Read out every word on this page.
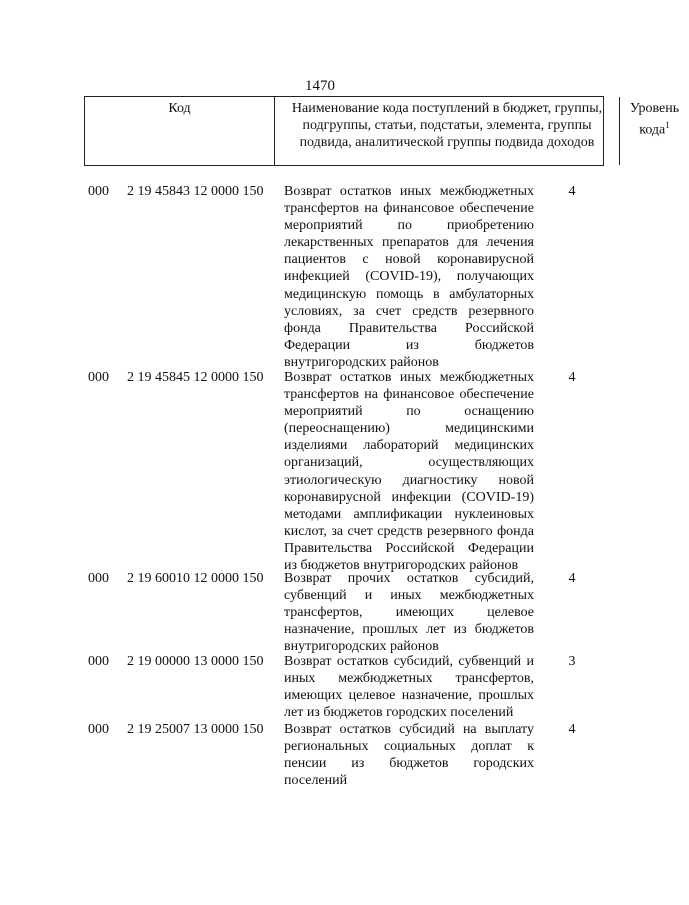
1470
Код	Наименование кода поступлений в бюджет, группы, подгруппы, статьи, подстатьи, элемента, группы подвида, аналитической группы подвида доходов
Уровень кода$^1$
000 2 19 45843 12 0000 150 Возврат остатков иных межбюджетных
трансфертов на финансовое обеспечение
мероприятий по приобретению
лекарственных препаратов для лечения
пациентов с новой коронавирусной
инфекцией (COVID-19), получающих
медицинскую помощь в амбулаторных
условиях, за счет средств резервного
фонда Правительства Российской
Федерации из бюджетов
внутригородских районов
4
000 2 19 45845 12 0000 150 Возврат остатков иных межбюджетных
трансфертов на финансовое обеспечение
мероприятий по оснащению
(переоснащению) медицинскими
изделиями лабораторий медицинских
организаций, осуществляющих
этиологическую диагностику новой
коронавирусной инфекции (COVID-19)
методами амплификации нуклеиновых
кислот, за счет средств резервного фонда
Правительства Российской Федерации
из бюджетов внутригородских районов
4
000 2 19 60010 12 0000 150 Возврат прочих остатков субсидий,
субвенций и иных межбюджетных
трансфертов, имеющих целевое
назначение, прошлых лет из бюджетов
внутригородских районов
4
000 2 19 00000 13 0000 150 Возврат остатков субсидий, субвенций и
иных межбюджетных трансфертов,
имеющих целевое назначение, прошлых
лет из бюджетов городских поселений
3
000 2 19 25007 13 0000 150 Возврат остатков субсидий на выплату
региональных социальных доплат к
пенсии из бюджетов городских
поселений
4
